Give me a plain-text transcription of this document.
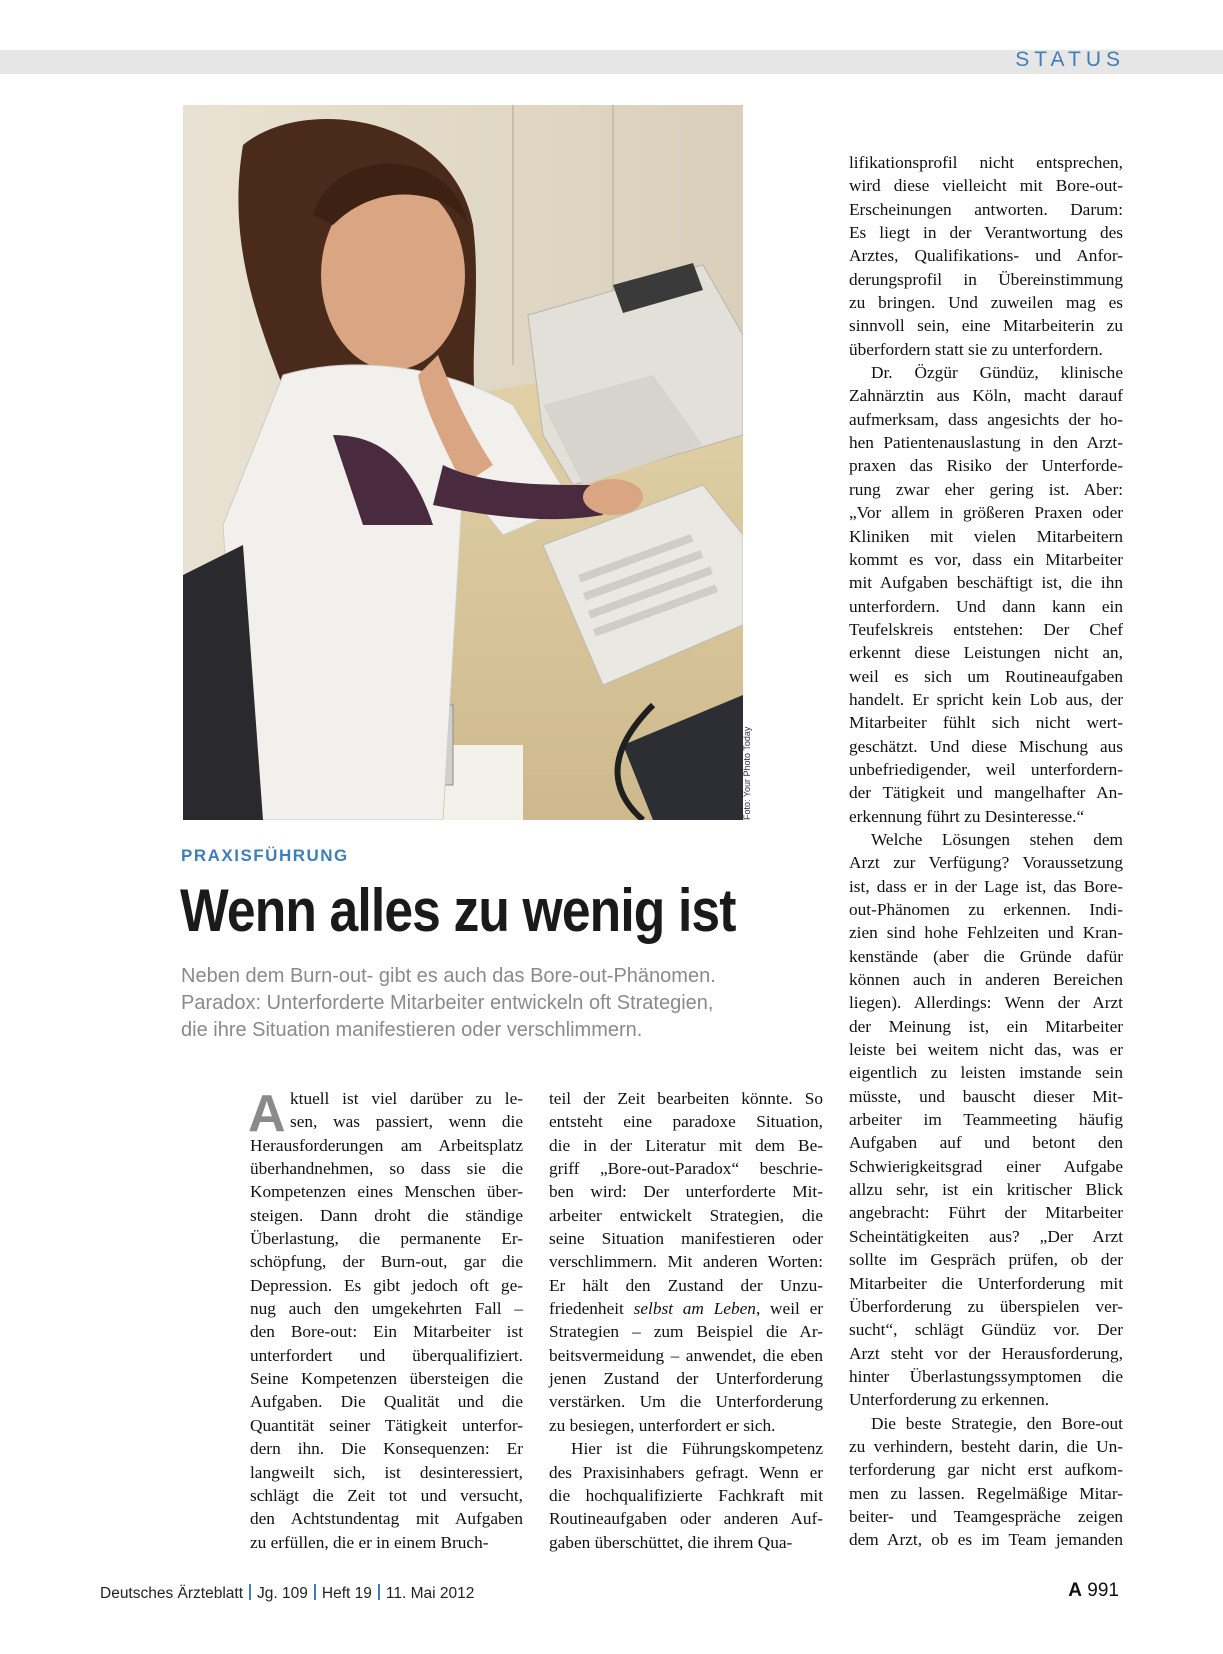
STATUS
Foto: Your Photo Today
PRAXISFÜHRUNG
Wenn alles zu wenig ist
Neben dem Burn-out- gibt es auch das Bore-out-Phänomen.
Paradox: Unterforderte Mitarbeiter entwickeln oft Strategien,
die ihre Situation manifestieren oder verschlimmern.
A ktuell ist viel darüber zu le-
sen, was passiert, wenn die
Herausforderungen am Arbeitsplatz
überhandnehmen, so dass sie die
Kompetenzen eines Menschen über-
steigen. Dann droht die ständige
Überlastung, die permanente Er-
schöpfung, der Burn-out, gar die
Depression. Es gibt jedoch oft ge-
nug auch den umgekehrten Fall –
den Bore-out: Ein Mitarbeiter ist
unterfordert und überqualifiziert.
Seine Kompetenzen übersteigen die
Aufgaben. Die Qualität und die
Quantität seiner Tätigkeit unterfor-
dern ihn. Die Konsequenzen: Er
langweilt sich, ist desinteressiert,
schlägt die Zeit tot und versucht,
den Achtstundentag mit Aufgaben
zu erfüllen, die er in einem Bruch-
teil der Zeit bearbeiten könnte. So
entsteht eine paradoxe Situation,
die in der Literatur mit dem Be-
griff „Bore-out-Paradox“ beschrie-
ben wird: Der unterforderte Mit-
arbeiter entwickelt Strategien, die
seine Situation manifestieren oder
verschlimmern. Mit anderen Worten:
Er hält den Zustand der Unzu-
friedenheit selbst am Leben, weil er
Strategien – zum Beispiel die Ar-
beitsvermeidung – anwendet, die eben
jenen Zustand der Unterforderung
verstärken. Um die Unterforderung
zu besiegen, unterfordert er sich.
Hier ist die Führungskompetenz
des Praxisinhabers gefragt. Wenn er
die hochqualifizierte Fachkraft mit
Routineaufgaben oder anderen Auf-
gaben überschüttet, die ihrem Qua-
lifikationsprofil nicht entsprechen,
wird diese vielleicht mit Bore-out-
Erscheinungen antworten. Darum:
Es liegt in der Verantwortung des
Arztes, Qualifikations- und Anfor-
derungsprofil in Übereinstimmung
zu bringen. Und zuweilen mag es
sinnvoll sein, eine Mitarbeiterin zu
überfordern statt sie zu unterfordern.
Dr. Özgür Gündüz, klinische
Zahnärztin aus Köln, macht darauf
aufmerksam, dass angesichts der ho-
hen Patientenauslastung in den Arzt-
praxen das Risiko der Unterforde-
rung zwar eher gering ist. Aber:
„Vor allem in größeren Praxen oder
Kliniken mit vielen Mitarbeitern
kommt es vor, dass ein Mitarbeiter
mit Aufgaben beschäftigt ist, die ihn
unterfordern. Und dann kann ein
Teufelskreis entstehen: Der Chef
erkennt diese Leistungen nicht an,
weil es sich um Routineaufgaben
handelt. Er spricht kein Lob aus, der
Mitarbeiter fühlt sich nicht wert-
geschätzt. Und diese Mischung aus
unbefriedigender, weil unterfordern-
der Tätigkeit und mangelhafter An-
erkennung führt zu Desinteresse.“
Welche Lösungen stehen dem
Arzt zur Verfügung? Voraussetzung
ist, dass er in der Lage ist, das Bore-
out-Phänomen zu erkennen. Indi-
zien sind hohe Fehlzeiten und Kran-
kenstände (aber die Gründe dafür
können auch in anderen Bereichen
liegen). Allerdings: Wenn der Arzt
der Meinung ist, ein Mitarbeiter
leiste bei weitem nicht das, was er
eigentlich zu leisten imstande sein
müsste, und bauscht dieser Mit-
arbeiter im Teammeeting häufig
Aufgaben auf und betont den
Schwierigkeitsgrad einer Aufgabe
allzu sehr, ist ein kritischer Blick
angebracht: Führt der Mitarbeiter
Scheintätigkeiten aus? „Der Arzt
sollte im Gespräch prüfen, ob der
Mitarbeiter die Unterforderung mit
Überforderung zu überspielen ver-
sucht“, schlägt Gündüz vor. Der
Arzt steht vor der Herausforderung,
hinter Überlastungssymptomen die
Unterforderung zu erkennen.
Die beste Strategie, den Bore-out
zu verhindern, besteht darin, die Un-
terforderung gar nicht erst aufkom-
men zu lassen. Regelmäßige Mitar-
beiter- und Teamgespräche zeigen
dem Arzt, ob es im Team jemanden
Deutsches Ärzteblatt Jg. 109 Heft 19 11. Mai 2012	A 991
